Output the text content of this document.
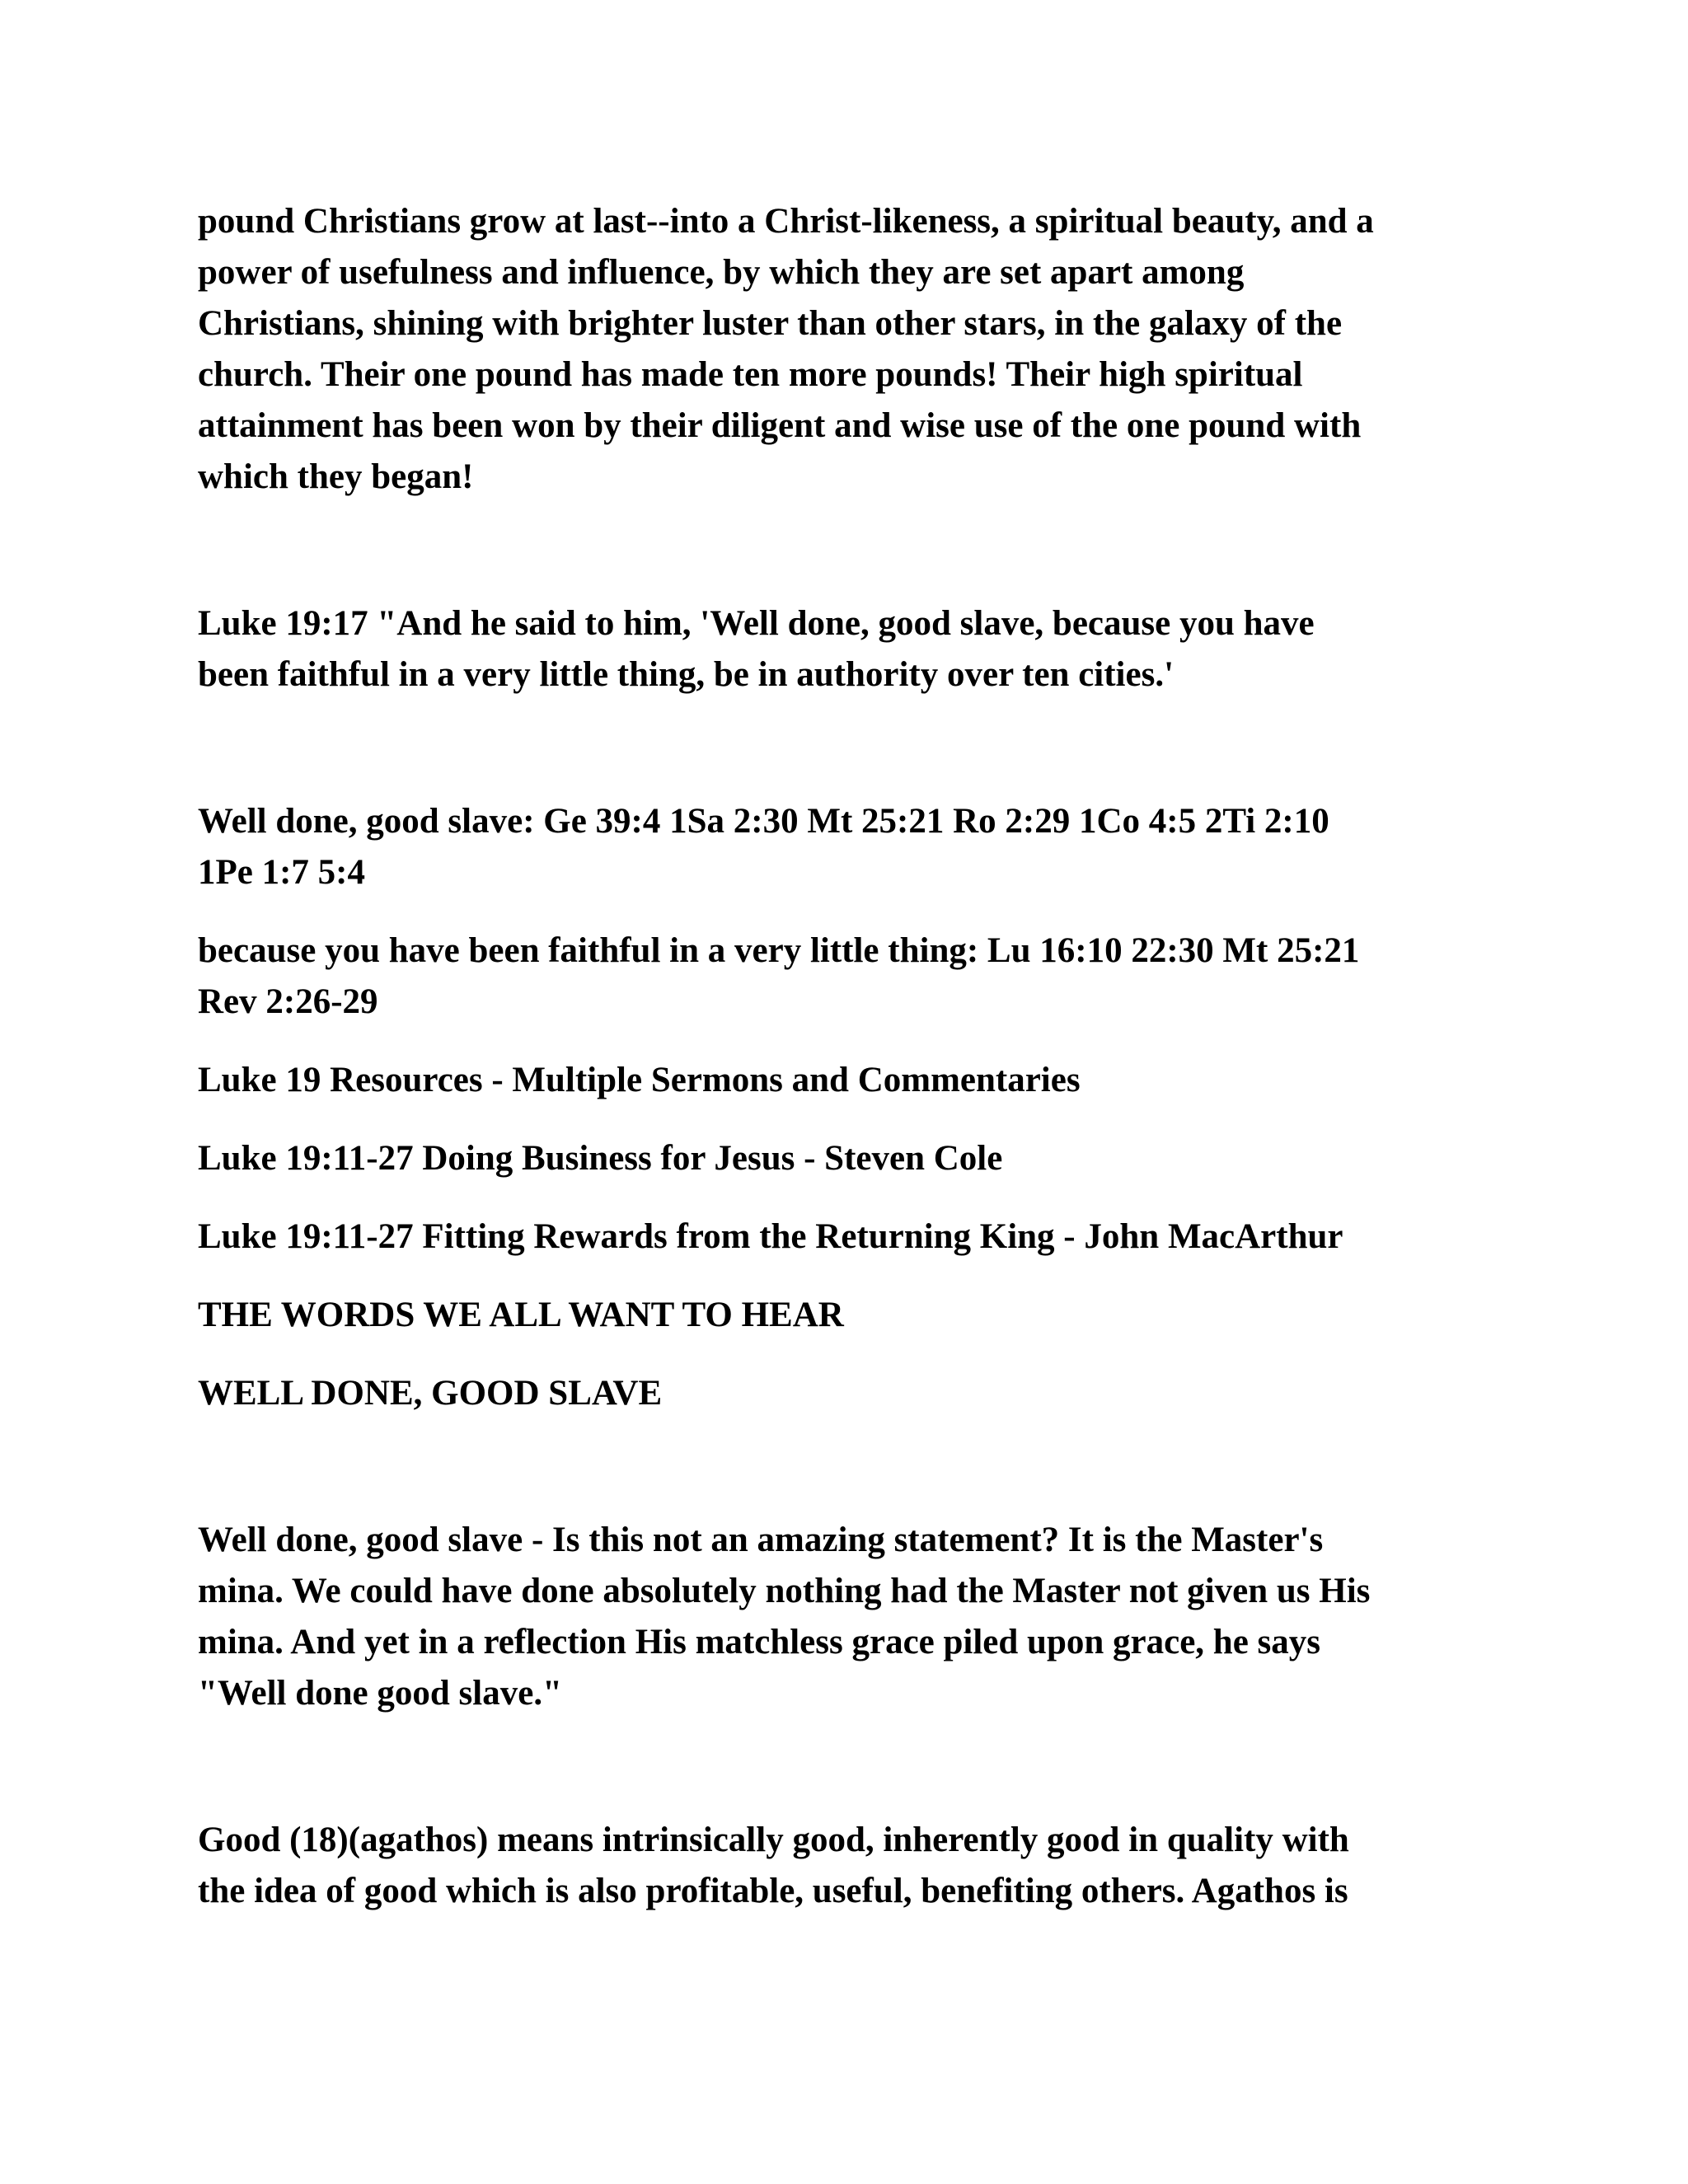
pound Christians grow at last--into a Christ-likeness, a spiritual beauty, and a
power of usefulness and influence, by which they are set apart among
Christians, shining with brighter luster than other stars, in the galaxy of the
church. Their one pound has made ten more pounds! Their high spiritual
attainment has been won by their diligent and wise use of the one pound with
which they began!

Luke 19:17 "And he said to him, 'Well done, good slave, because you have
been faithful in a very little thing, be in authority over ten cities.'

Well done, good slave: Ge 39:4 1Sa 2:30 Mt 25:21 Ro 2:29 1Co 4:5 2Ti 2:10
1Pe 1:7 5:4

because you have been faithful in a very little thing: Lu 16:10 22:30 Mt 25:21
Rev 2:26-29

Luke 19 Resources - Multiple Sermons and Commentaries

Luke 19:11-27 Doing Business for Jesus - Steven Cole

Luke 19:11-27 Fitting Rewards from the Returning King - John MacArthur

THE WORDS WE ALL WANT TO HEAR

WELL DONE, GOOD SLAVE

Well done, good slave - Is this not an amazing statement? It is the Master's
mina. We could have done absolutely nothing had the Master not given us His
mina. And yet in a reflection His matchless grace piled upon grace, he says
"Well done good slave."

Good (18)(agathos) means intrinsically good, inherently good in quality with
the idea of good which is also profitable, useful, benefiting others. Agathos is
